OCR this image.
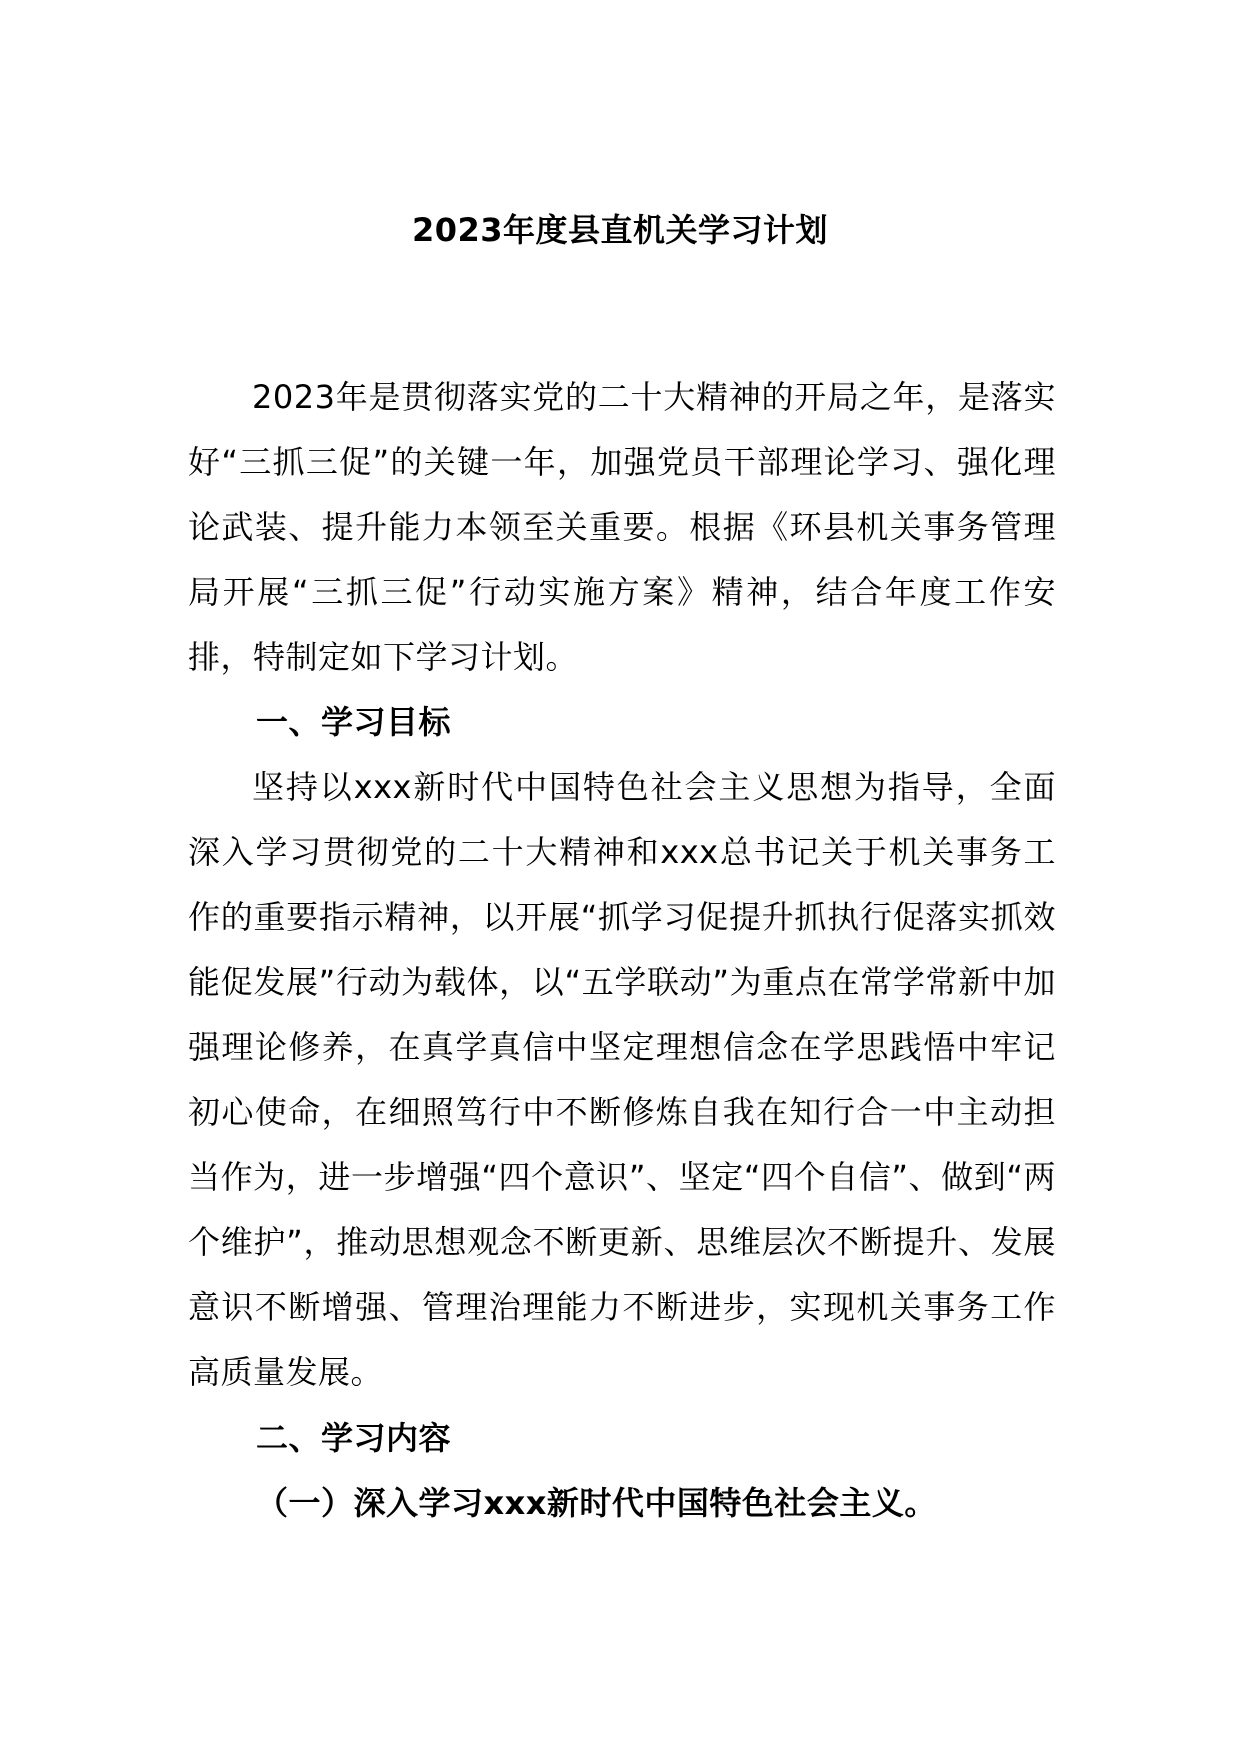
2023年度县直机关学习计划

2023年是贯彻落实党的二十大精神的开局之年，是落实好“三抓三促”的关键一年，加强党员干部理论学习、强化理论武装、提升能力本领至关重要。根据《环县机关事务管理局开展“三抓三促”行动实施方案》精神，结合年度工作安排，特制定如下学习计划。

一、学习目标

坚持以xxx新时代中国特色社会主义思想为指导，全面深入学习贯彻党的二十大精神和xxx总书记关于机关事务工作的重要指示精神，以开展“抓学习促提升抓执行促落实抓效能促发展”行动为载体，以“五学联动”为重点在常学常新中加强理论修养，在真学真信中坚定理想信念在学思践悟中牢记初心使命，在细照笃行中不断修炼自我在知行合一中主动担当作为，进一步增强“四个意识”、坚定“四个自信”、做到“两个维护”，推动思想观念不断更新、思维层次不断提升、发展意识不断增强、管理治理能力不断进步，实现机关事务工作高质量发展。

二、学习内容
（一）深入学习xxx新时代中国特色社会主义。
